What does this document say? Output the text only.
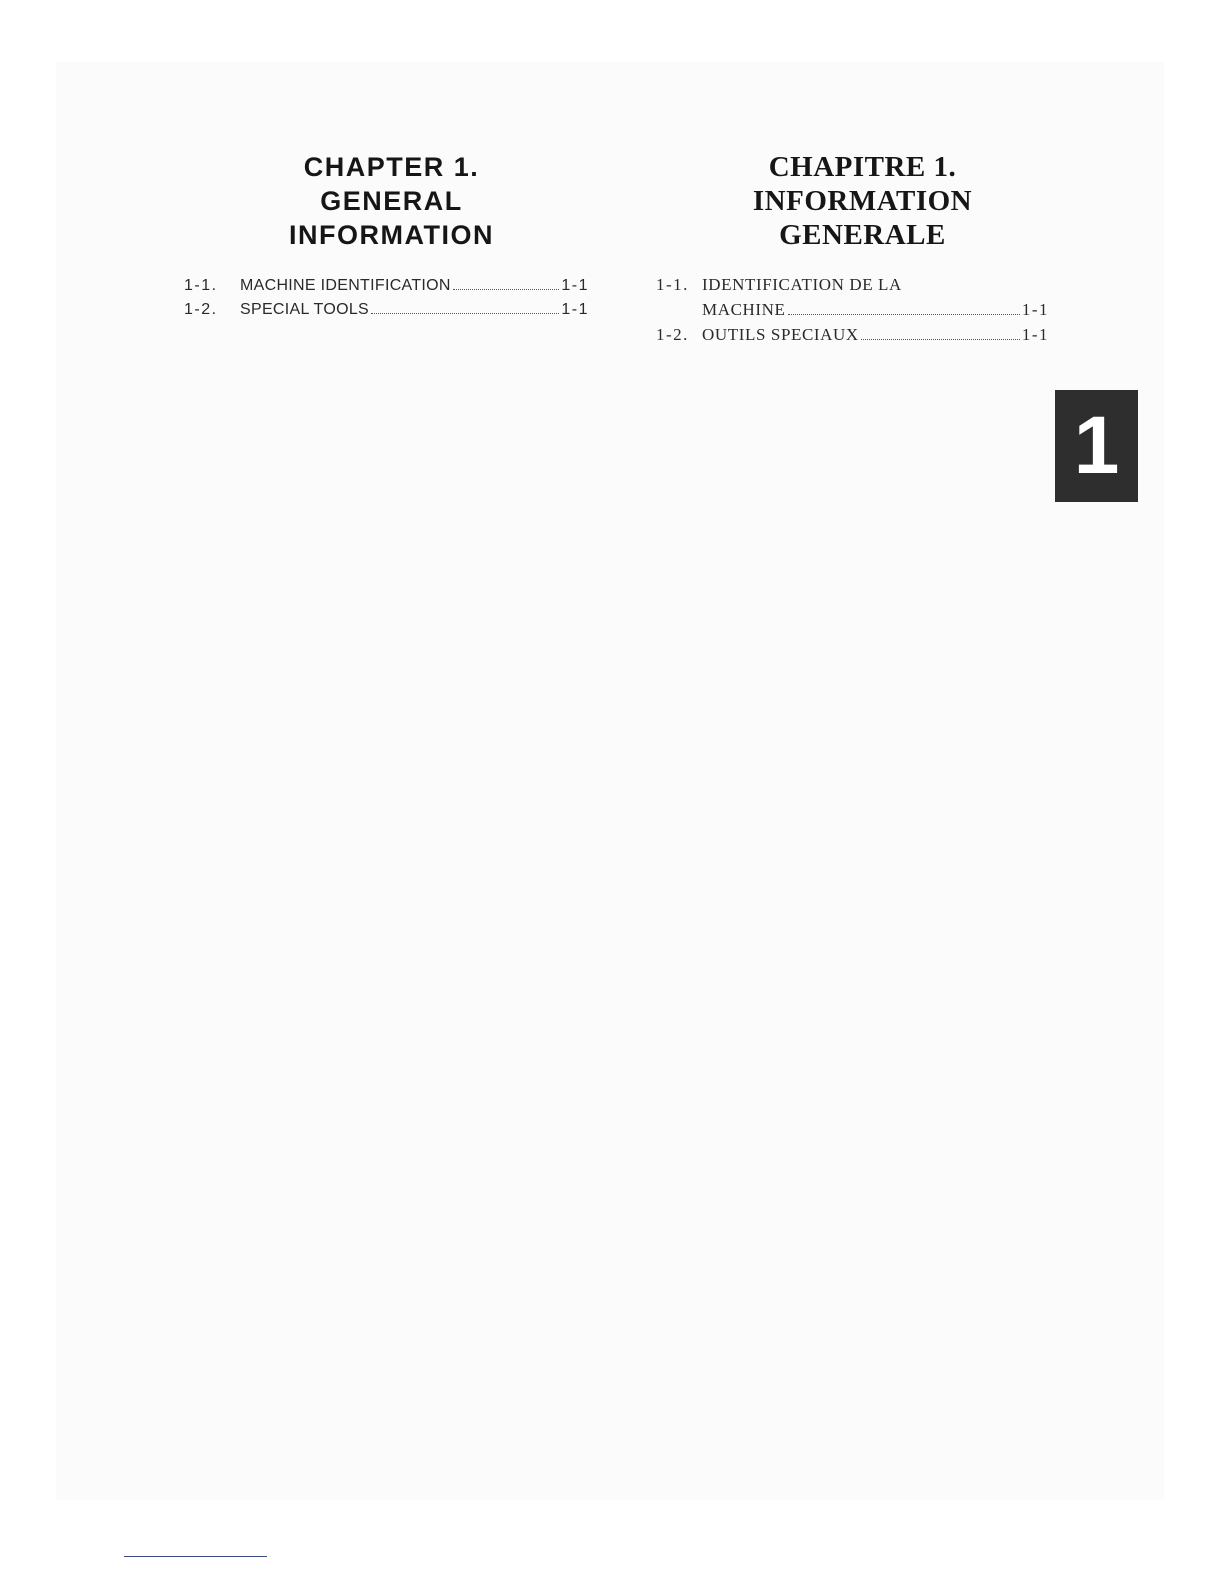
CHAPTER 1.
GENERAL
INFORMATION
1-1.	MACHINE IDENTIFICATION	1-1
1-2.	SPECIAL TOOLS	1-1
CHAPITRE 1.
INFORMATION
GENERALE
1-1. IDENTIFICATION DE LA
MACHINE	1-1
1-2. OUTILS SPECIAUX	1-1
1
